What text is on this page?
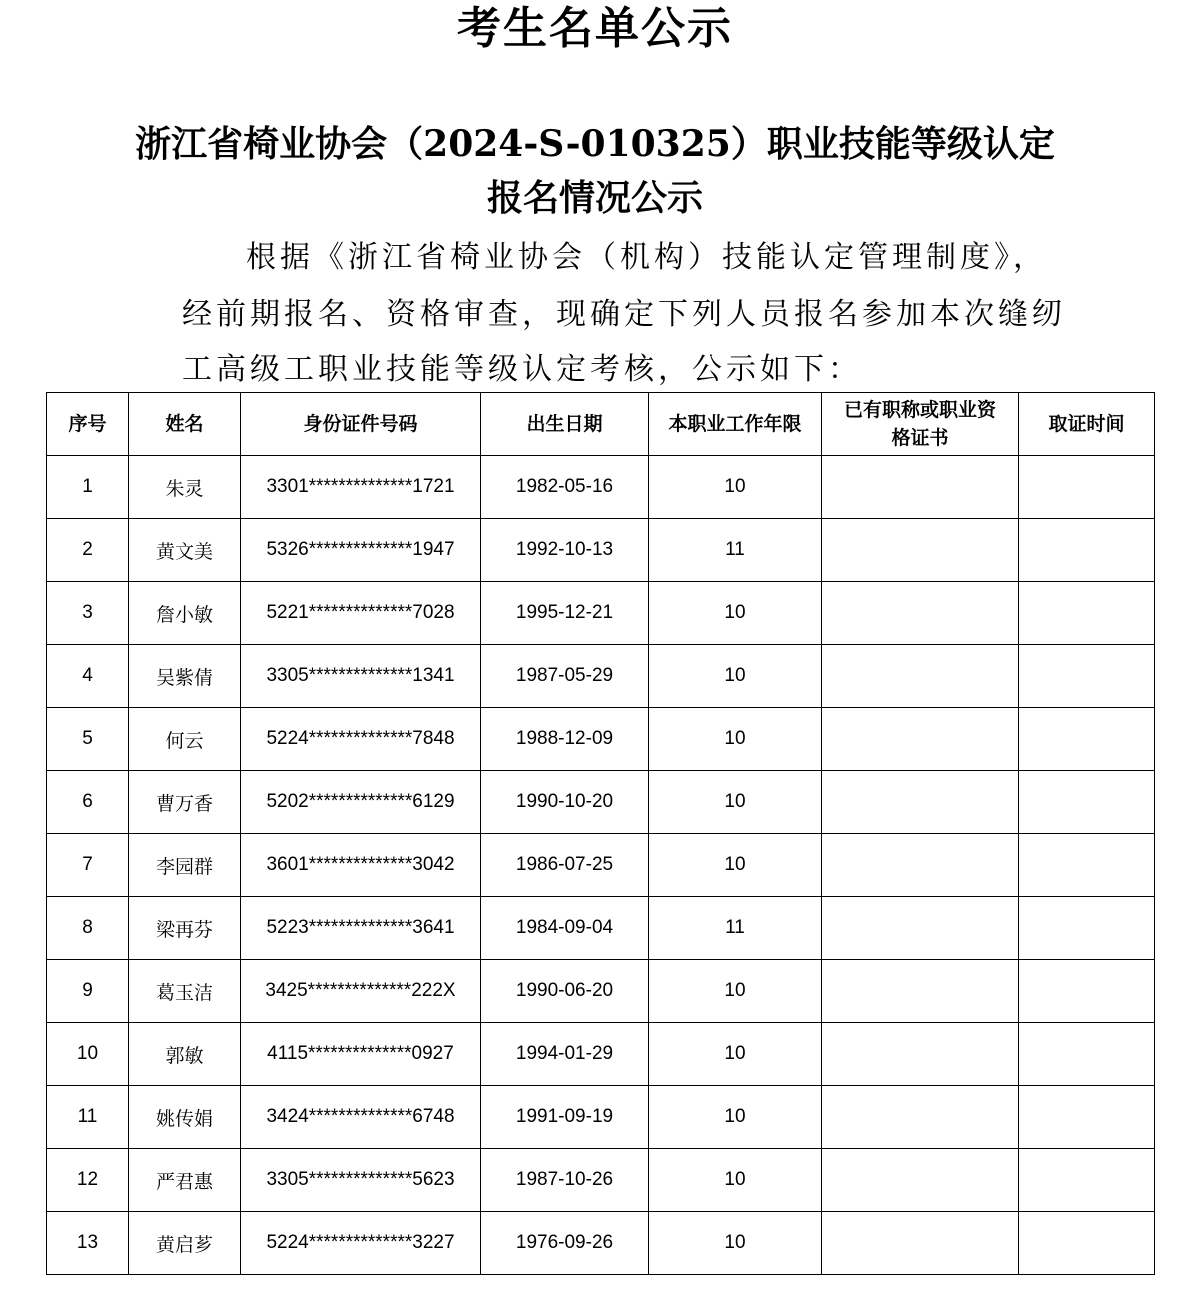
考生名单公示
浙江省椅业协会（2024-S-010325）职业技能等级认定
报名情况公示
根据《浙江省椅业协会（机构）技能认定管理制度》，
经前期报名、资格审查，现确定下列人员报名参加本次缝纫
工高级工职业技能等级认定考核，公示如下：
序号	姓名	身份证件号码	出生日期	本职业工作年限	已有职称或职业资
格证书	取证时间
1	朱灵	3301**************1721	1982-05-16	10		
2	黄文美	5326**************1947	1992-10-13	11		
3	詹小敏	5221**************7028	1995-12-21	10		
4	吴紫倩	3305**************1341	1987-05-29	10		
5	何云	5224**************7848	1988-12-09	10		
6	曹万香	5202**************6129	1990-10-20	10		
7	李园群	3601**************3042	1986-07-25	10		
8	梁再芬	5223**************3641	1984-09-04	11		
9	葛玉洁	3425**************222X	1990-06-20	10		
10	郭敏	4115**************0927	1994-01-29	10		
11	姚传娟	3424**************6748	1991-09-19	10		
12	严君惠	3305**************5623	1987-10-26	10		
13	黄启芗	5224**************3227	1976-09-26	10		
